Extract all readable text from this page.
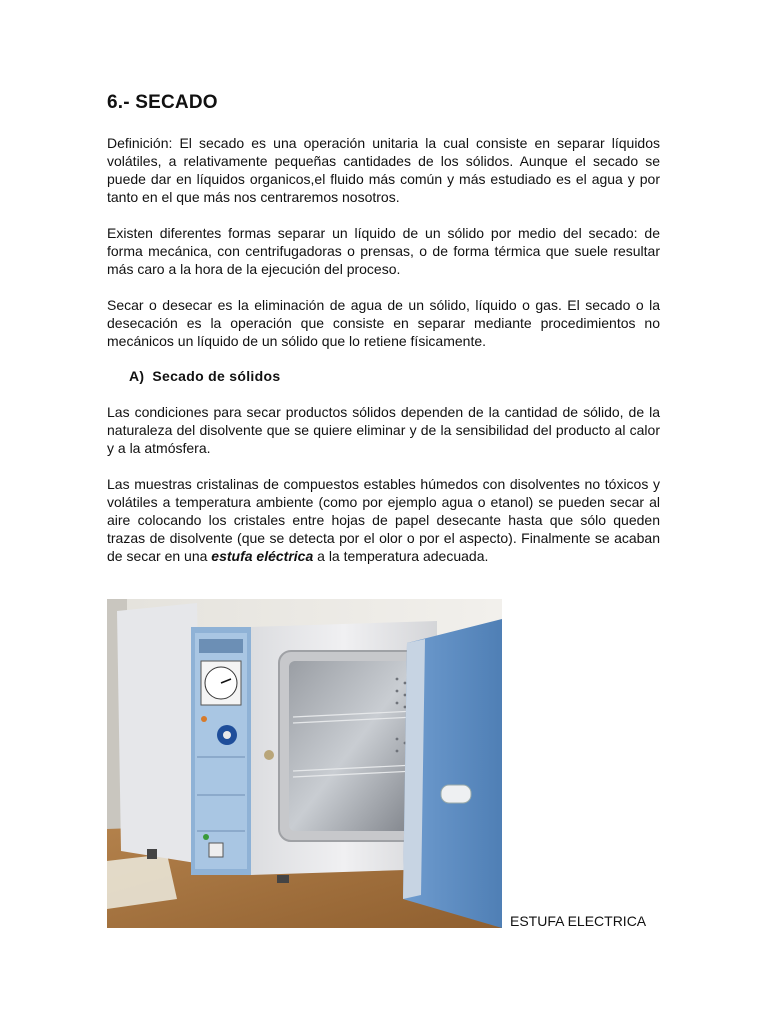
6.- SECADO

Definición: El secado es una operación unitaria la cual consiste en separar líquidos volátiles, a relativamente pequeñas cantidades de los sólidos. Aunque el secado se puede dar en líquidos organicos,el fluido más común y más estudiado es el agua y por tanto en el que más nos centraremos nosotros.

Existen diferentes formas separar un líquido de un sólido por medio del secado: de forma mecánica, con centrifugadoras o prensas, o de forma térmica que suele resultar más caro a la hora de la ejecución del proceso.

Secar o desecar es la eliminación de agua de un sólido, líquido o gas. El secado o la desecación es la operación que consiste en separar mediante procedimientos no mecánicos un líquido de un sólido que lo retiene físicamente.

A) Secado de sólidos

Las condiciones para secar productos sólidos dependen de la cantidad de sólido, de la naturaleza del disolvente que se quiere eliminar y de la sensibilidad del producto al calor y a la atmósfera.

Las muestras cristalinas de compuestos estables húmedos con disolventes no tóxicos y volátiles a temperatura ambiente (como por ejemplo agua o etanol) se pueden secar al aire colocando los cristales entre hojas de papel desecante hasta que sólo queden trazas de disolvente (que se detecta por el olor o por el aspecto). Finalmente se acaban de secar en una estufa eléctrica a la temperatura adecuada.

ESTUFA ELECTRICA
